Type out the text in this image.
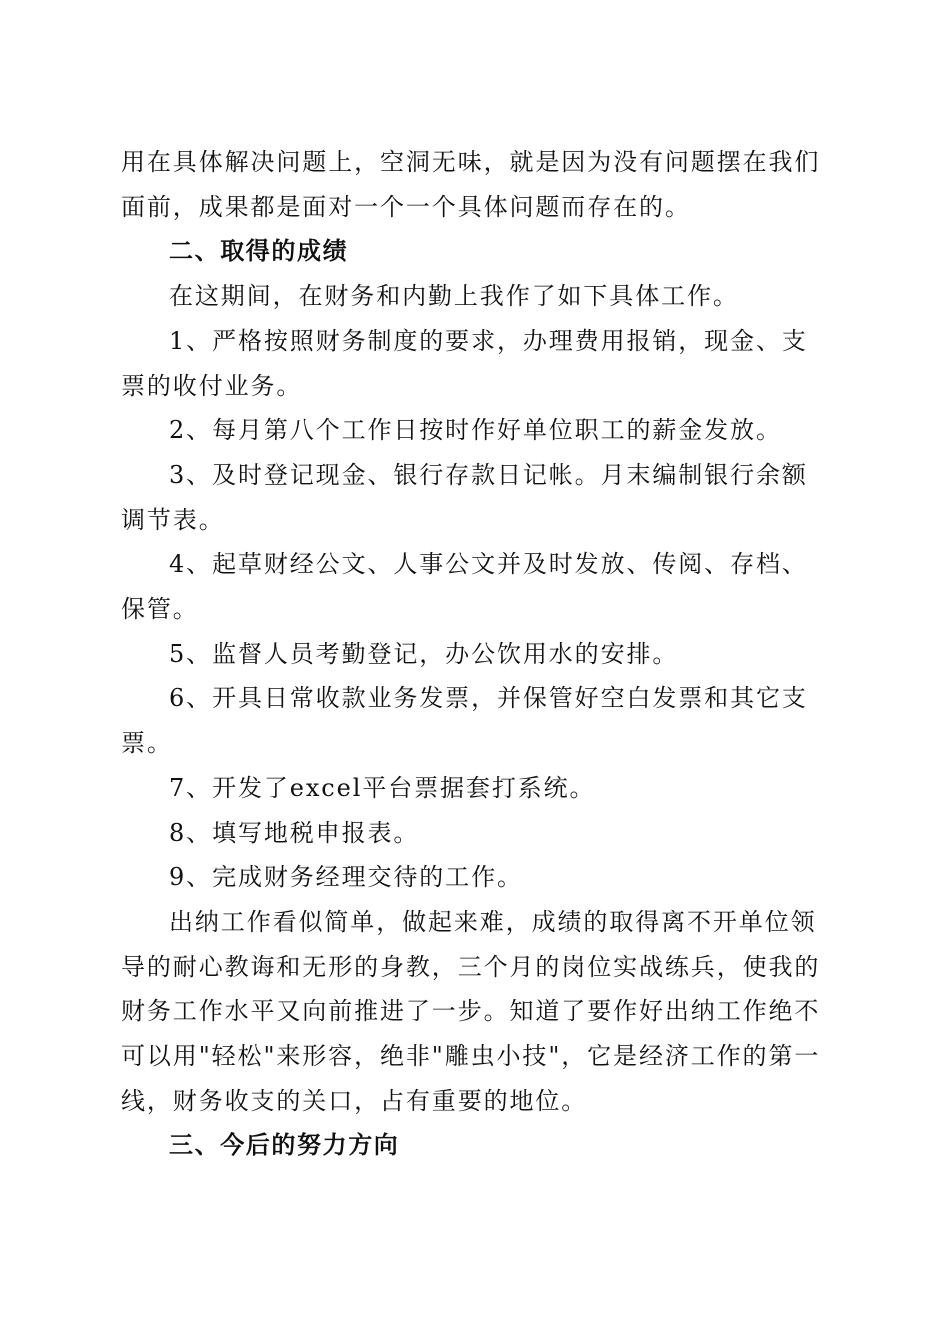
用在具体解决问题上，空洞无味，就是因为没有问题摆在我们面前，成果都是面对一个一个具体问题而存在的。

二、取得的成绩

在这期间，在财务和内勤上我作了如下具体工作。

1、严格按照财务制度的要求，办理费用报销，现金、支票的收付业务。

2、每月第八个工作日按时作好单位职工的薪金发放。

3、及时登记现金、银行存款日记帐。月末编制银行余额调节表。

4、起草财经公文、人事公文并及时发放、传阅、存档、保管。

5、监督人员考勤登记，办公饮用水的安排。

6、开具日常收款业务发票，并保管好空白发票和其它支票。

7、开发了excel平台票据套打系统。

8、填写地税申报表。

9、完成财务经理交待的工作。

出纳工作看似简单，做起来难，成绩的取得离不开单位领导的耐心教诲和无形的身教，三个月的岗位实战练兵，使我的财务工作水平又向前推进了一步。知道了要作好出纳工作绝不可以用"轻松"来形容，绝非"雕虫小技"，它是经济工作的第一线，财务收支的关口，占有重要的地位。

三、今后的努力方向
